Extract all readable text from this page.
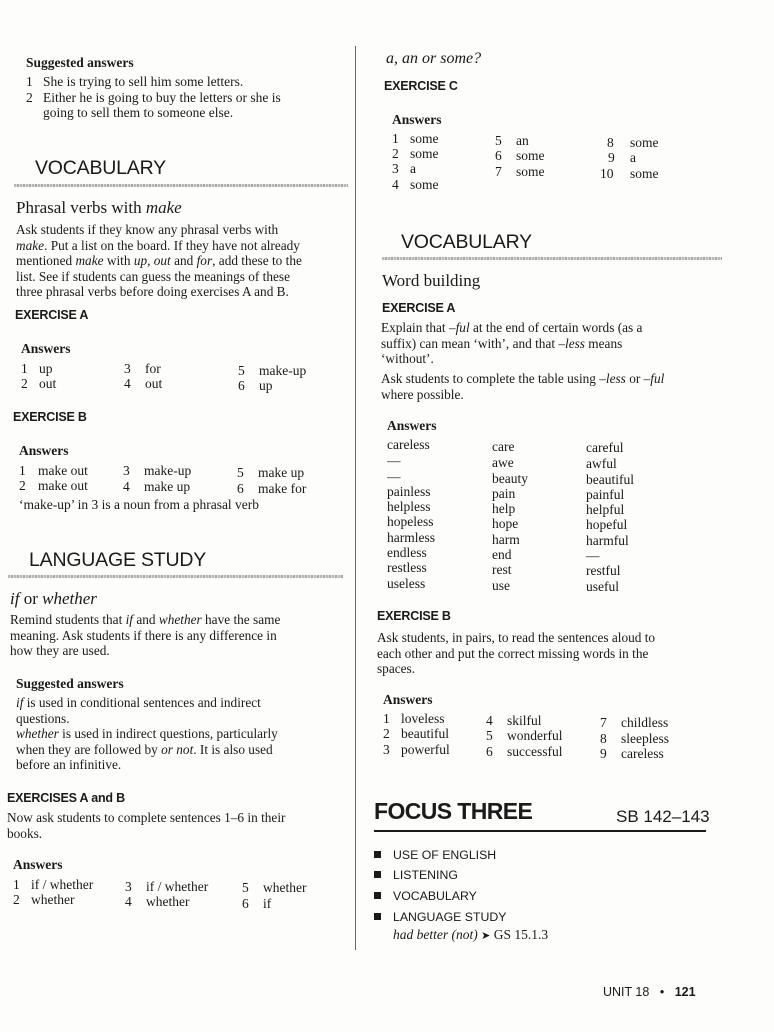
Suggested answers
1 She is trying to sell him some letters.
2 Either he is going to buy the letters or she is
going to sell them to someone else.
VOCABULARY
Phrasal verbs with make
Ask students if they know any phrasal verbs with
make. Put a list on the board. If they have not already
mentioned make with up, out and for, add these to the
list. See if students can guess the meanings of these
three phrasal verbs before doing exercises A and B.
EXERCISE A
Answers
1 up
2 out
3 for
4 out
5 make-up
6 up
EXERCISE B
Answers
1 make out
2 make out
3 make-up
4 make up
5 make up
6 make for
‘make-up’ in 3 is a noun from a phrasal verb
LANGUAGE STUDY
if or whether
Remind students that if and whether have the same
meaning. Ask students if there is any difference in
how they are used.
Suggested answers
if is used in conditional sentences and indirect
questions.
whether is used in indirect questions, particularly
when they are followed by or not. It is also used
before an infinitive.
EXERCISES A and B
Now ask students to complete sentences 1–6 in their
books.
Answers
1 if / whether
2 whether
3 if / whether
4 whether
5 whether
6 if
a, an or some?
EXERCISE C
Answers
1 some
2 some
3 a
4 some
5 an
6 some
7 some
8 some
9 a
10 some
VOCABULARY
Word building
EXERCISE A
Explain that –ful at the end of certain words (as a
suffix) can mean ‘with’, and that –less means
‘without’.
Ask students to complete the table using –less or –ful
where possible.
Answers
careless	care	careful
—	awe	awful
—	beauty	beautiful
painless	pain	painful
helpless	help	helpful
hopeless	hope	hopeful
harmless	harm	harmful
endless	end	—
restless	rest	restful
useless	use	useful
EXERCISE B
Ask students, in pairs, to read the sentences aloud to
each other and put the correct missing words in the
spaces.
Answers
1 loveless
2 beautiful
3 powerful
4 skilful
5 wonderful
6 successful
7 childless
8 sleepless
9 careless
FOCUS THREE	SB 142–143
USE OF ENGLISH
LISTENING
VOCABULARY
LANGUAGE STUDY
had better (not) ➤ GS 15.1.3
UNIT 18 • 121
